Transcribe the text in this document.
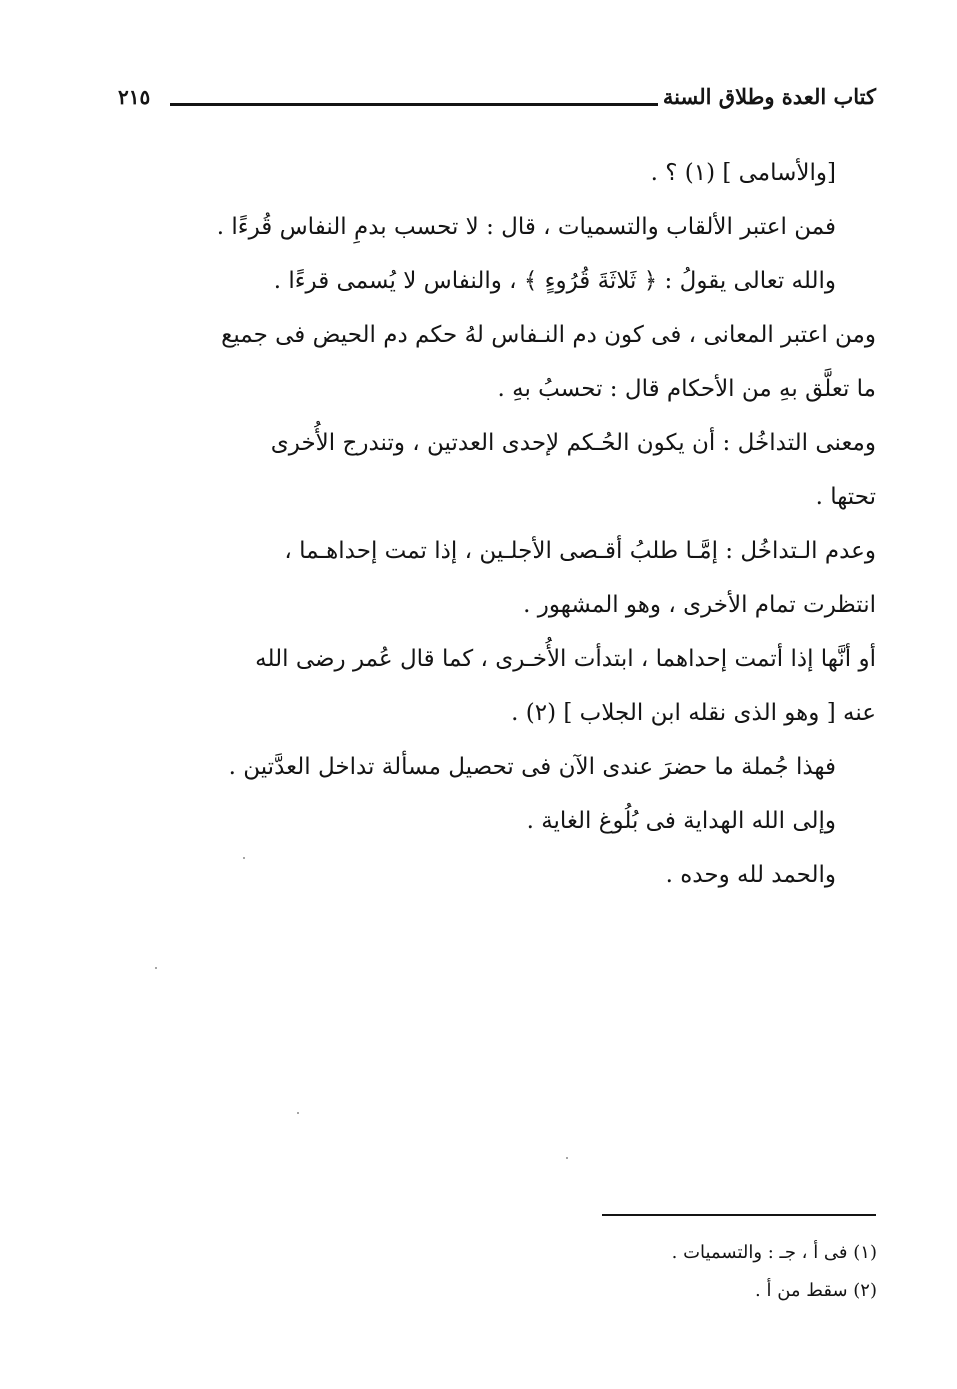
كتاب العدة وطلاق السنة
٢١٥

[والأسامى ] (١) ؟ .

فمن اعتبر الألقاب والتسميات ، قال : لا تحسب بدمِ النفاس قُرءًا .

والله تعالى يقولُ : ﴿ ثَلاثَةَ قُرُوءٍ ﴾ ، والنفاس لا يُسمى قرءًا .

ومن اعتبر المعانى ، فى كون دم النـفاس لهُ حكم دم الحيض فى جميع
ما تعلَّق بهِ من الأحكام قال : تحسبُ بهِ .

ومعنى التداخُل : أن يكون الحُـكم لإحدى العدتين ، وتندرج الأُخرى
تحتها .

وعدم الـتداخُل : إمَّـا طلبُ أقـصى الأجلـين ، إذا تمت إحداهـما ،
انتظرت تمام الأخرى ، وهو المشهور .

أو أنَّها إذا أتمت إحداهما ، ابتدأت الأُخـرى ، كما قال عُمر رضى الله
عنه [ وهو الذى نقله ابن الجلاب ] (٢) .

فهذا جُملة ما حضرَ عندى الآن فى تحصيل مسألة تداخل العدَّتين .

وإلى الله الهداية فى بُلُوغ الغاية .

والحمد لله وحده .

(١) فى أ ، جـ : والتسميات .

(٢) سقط من أ .
